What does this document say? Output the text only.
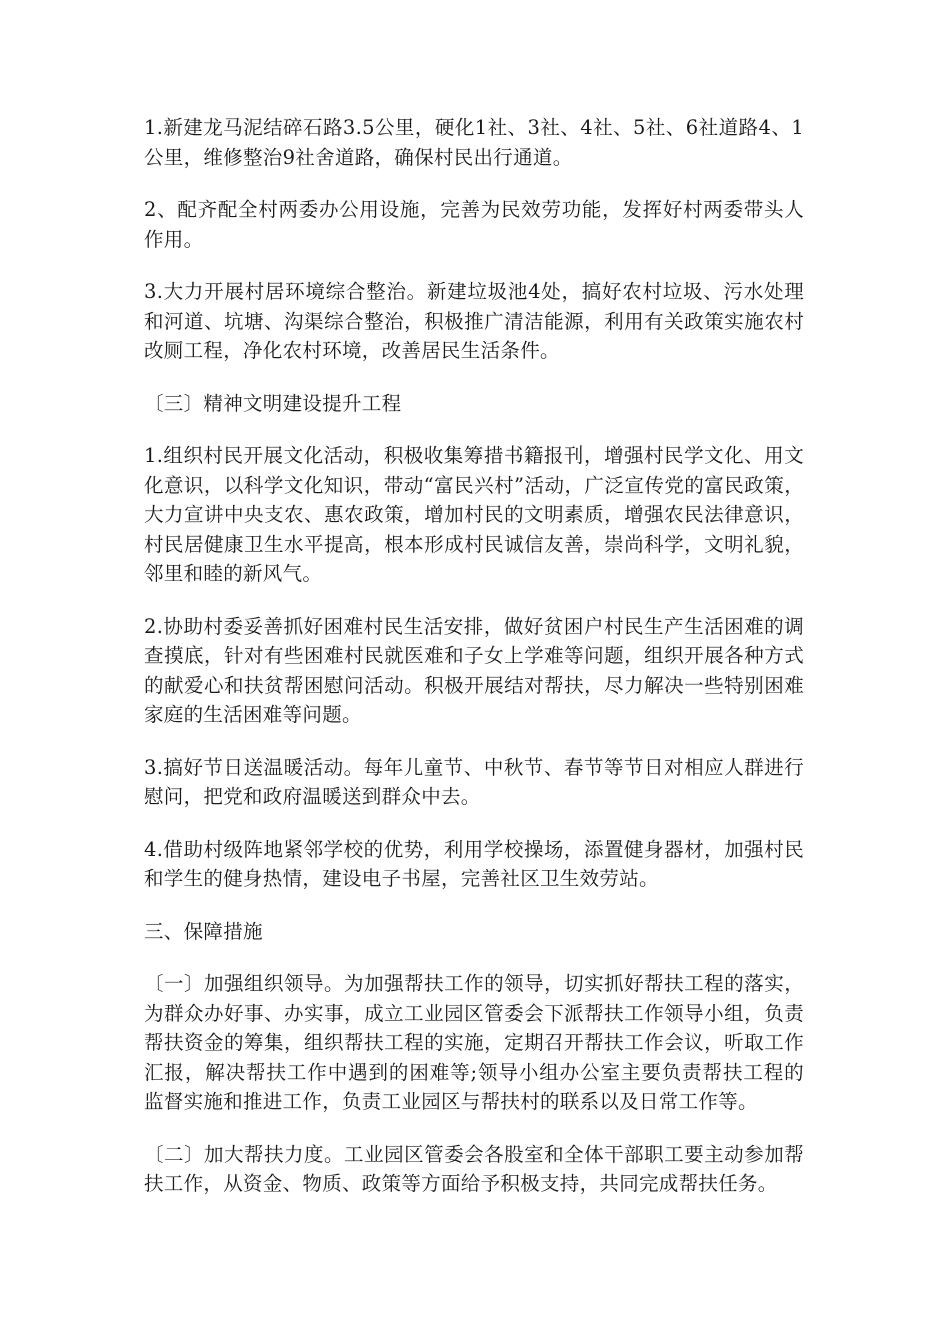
1.新建龙马泥结碎石路3.5公里，硬化1社、3社、4社、5社、6社道路4、1公里，维修整治9社舍道路，确保村民出行通道。

2、配齐配全村两委办公用设施，完善为民效劳功能，发挥好村两委带头人作用。

3.大力开展村居环境综合整治。新建垃圾池4处，搞好农村垃圾、污水处理和河道、坑塘、沟渠综合整治，积极推广清洁能源，利用有关政策实施农村改厕工程，净化农村环境，改善居民生活条件。

〔三〕精神文明建设提升工程

1.组织村民开展文化活动，积极收集筹措书籍报刊，增强村民学文化、用文化意识，以科学文化知识，带动“富民兴村”活动，广泛宣传党的富民政策，大力宣讲中央支农、惠农政策，增加村民的文明素质，增强农民法律意识，村民居健康卫生水平提高，根本形成村民诚信友善，崇尚科学，文明礼貌，邻里和睦的新风气。

2.协助村委妥善抓好困难村民生活安排，做好贫困户村民生产生活困难的调查摸底，针对有些困难村民就医难和子女上学难等问题，组织开展各种方式的献爱心和扶贫帮困慰问活动。积极开展结对帮扶，尽力解决一些特别困难家庭的生活困难等问题。

3.搞好节日送温暖活动。每年儿童节、中秋节、春节等节日对相应人群进行慰问，把党和政府温暖送到群众中去。

4.借助村级阵地紧邻学校的优势，利用学校操场，添置健身器材，加强村民和学生的健身热情，建设电子书屋，完善社区卫生效劳站。

三、保障措施

〔一〕加强组织领导。为加强帮扶工作的领导，切实抓好帮扶工程的落实，为群众办好事、办实事，成立工业园区管委会下派帮扶工作领导小组，负责帮扶资金的筹集，组织帮扶工程的实施，定期召开帮扶工作会议，听取工作汇报，解决帮扶工作中遇到的困难等;领导小组办公室主要负责帮扶工程的监督实施和推进工作，负责工业园区与帮扶村的联系以及日常工作等。

〔二〕加大帮扶力度。工业园区管委会各股室和全体干部职工要主动参加帮扶工作，从资金、物质、政策等方面给予积极支持，共同完成帮扶任务。
